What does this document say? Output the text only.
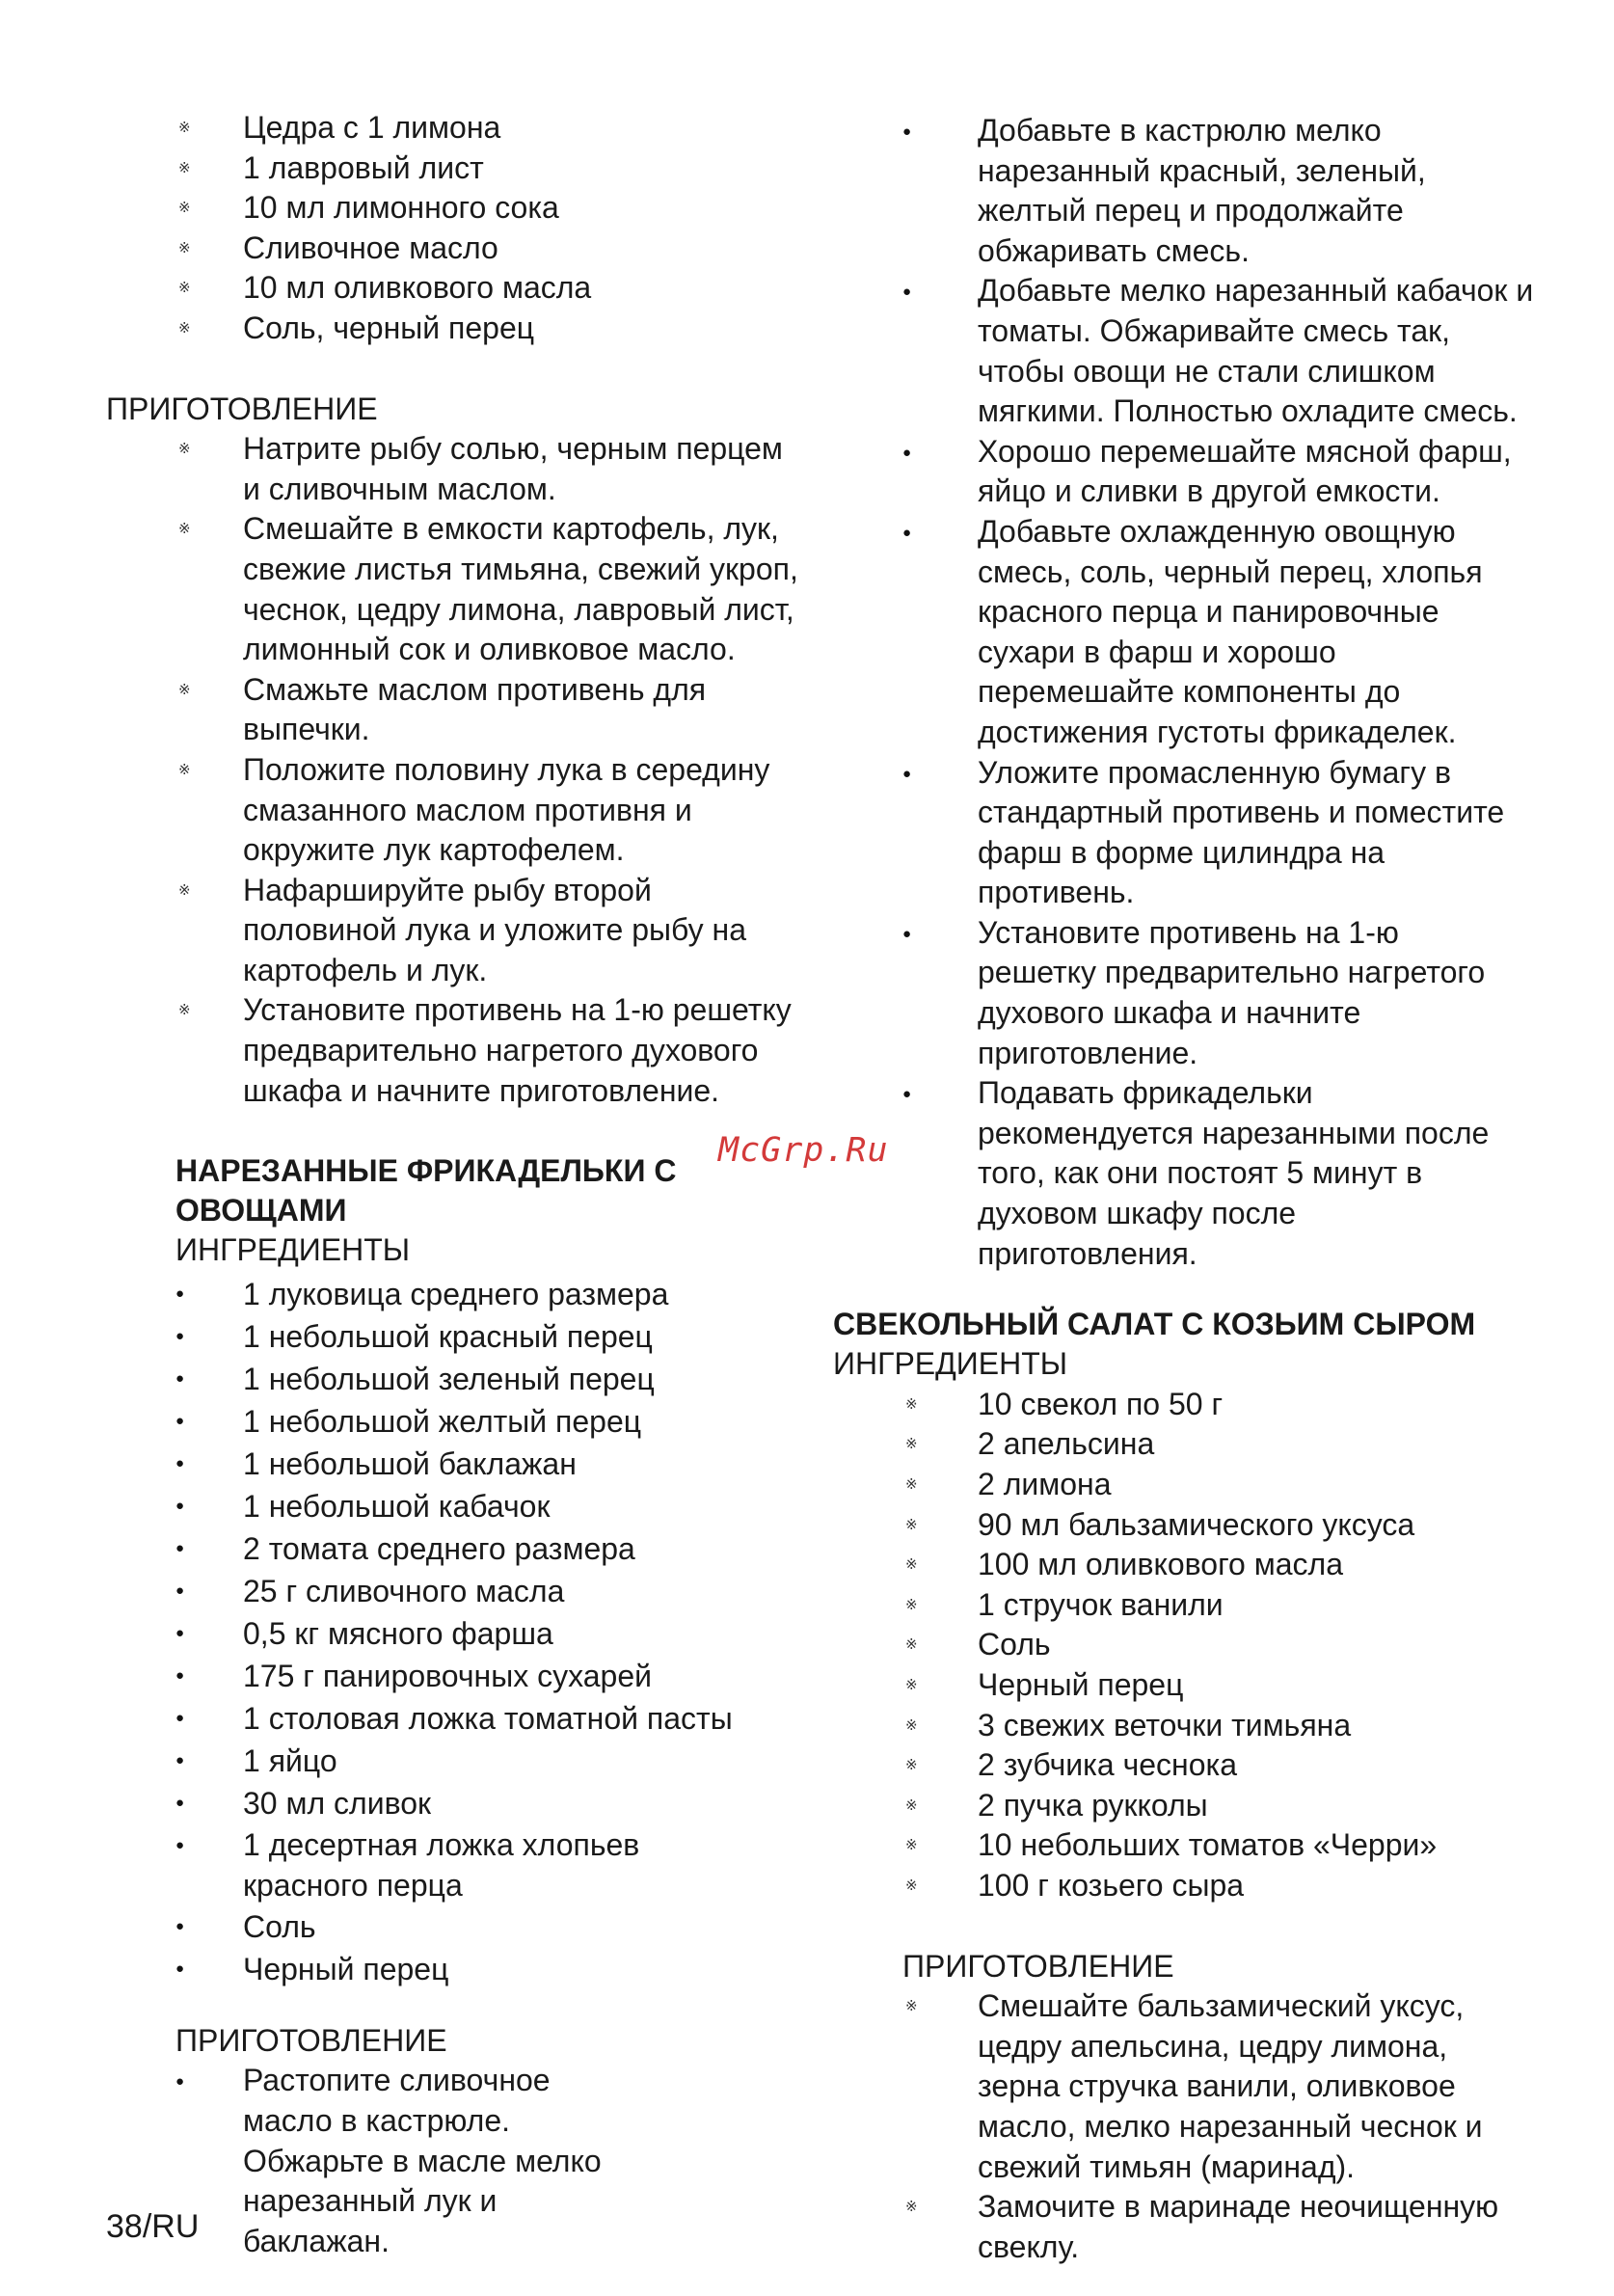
※ Цедра с 1 лимона

※ 1 лавровый лист

※ 10 мл лимонного сока

※ Сливочное масло

※ 10 мл оливкового масла

※ Соль, черный перец

ПРИГОТОВЛЕНИЕ

※ Натрите рыбу солью, черным перцем и сливочным маслом.

※ Смешайте в емкости картофель, лук, свежие листья тимьяна, свежий укроп, чеснок, цедру лимона, лавровый лист, лимонный сок и оливковое масло.

※ Смажьте маслом противень для выпечки.

※ Положите половину лука в середину смазанного маслом противня и окружите лук картофелем.

※ Нафаршируйте рыбу второй половиной лука и уложите рыбу на картофель и лук.

※ Установите противень на 1-ю решетку предварительно нагретого духового шкафа и начните приготовление.

НАРЕЗАННЫЕ ФРИКАДЕЛЬКИ С ОВОЩАМИ

ИНГРЕДИЕНТЫ

● 1 луковица среднего размера

● 1 небольшой красный перец

● 1 небольшой зеленый перец

● 1 небольшой желтый перец

● 1 небольшой баклажан

● 1 небольшой кабачок

● 2 томата среднего размера

● 25 г сливочного масла

● 0,5 кг мясного фарша

● 175 г панировочных сухарей

● 1 столовая ложка томатной пасты

● 1 яйцо

● 30 мл сливок

● 1 десертная ложка хлопьев красного перца

● Соль

● Черный перец

ПРИГОТОВЛЕНИЕ

● Растопите сливочное масло в кастрюле. Обжарьте в масле мелко нарезанный лук и баклажан.

● Добавьте в кастрюлю мелко нарезанный красный, зеленый, желтый перец и продолжайте обжаривать смесь.

● Добавьте мелко нарезанный кабачок и томаты. Обжаривайте смесь так, чтобы овощи не стали слишком мягкими. Полностью охладите смесь.

● Хорошо перемешайте мясной фарш, яйцо и сливки в другой емкости.

● Добавьте охлажденную овощную смесь, соль, черный перец, хлопья красного перца и панировочные сухари в фарш и хорошо перемешайте компоненты до достижения густоты фрикаделек.

● Уложите промасленную бумагу в стандартный противень и поместите фарш в форме цилиндра на противень.

● Установите противень на 1-ю решетку предварительно нагретого духового шкафа и начните приготовление.

● Подавать фрикадельки рекомендуется нарезанными после того, как они постоят 5 минут в духовом шкафу после приготовления.

СВЕКОЛЬНЫЙ САЛАТ С КОЗЬИМ СЫРОМ

ИНГРЕДИЕНТЫ

※ 10 свекол по 50 г

※ 2 апельсина

※ 2 лимона

※ 90 мл бальзамического уксуса

※ 100 мл оливкового масла

※ 1 стручок ванили

※ Соль

※ Черный перец

※ 3 свежих веточки тимьяна

※ 2 зубчика чеснока

※ 2 пучка рукколы

※ 10 небольших томатов «Черри»

※ 100 г козьего сыра

ПРИГОТОВЛЕНИЕ

※ Смешайте бальзамический уксус, цедру апельсина, цедру лимона, зерна стручка ванили, оливковое масло, мелко нарезанный чеснок и свежий тимьян (маринад).

※ Замочите в маринаде неочищенную свеклу.

McGrp.Ru
38/RU
